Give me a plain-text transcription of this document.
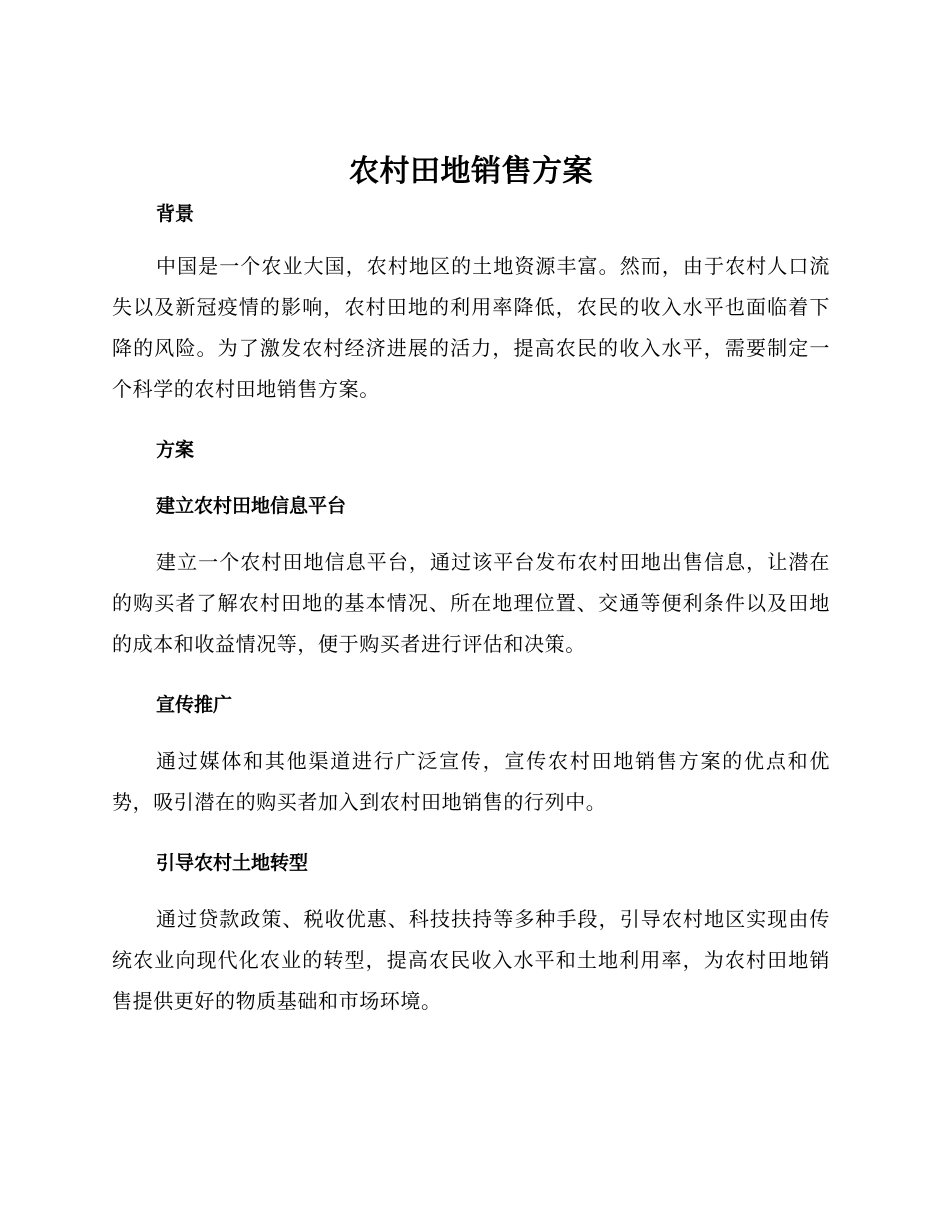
农村田地销售方案
背景

中国是一个农业大国，农村地区的土地资源丰富。然而，由于农村人口流失以及新冠疫情的影响，农村田地的利用率降低，农民的收入水平也面临着下降的风险。为了激发农村经济进展的活力，提高农民的收入水平，需要制定一个科学的农村田地销售方案。

方案
建立农村田地信息平台

建立一个农村田地信息平台，通过该平台发布农村田地出售信息，让潜在的购买者了解农村田地的基本情况、所在地理位置、交通等便利条件以及田地的成本和收益情况等，便于购买者进行评估和决策。

宣传推广

通过媒体和其他渠道进行广泛宣传，宣传农村田地销售方案的优点和优势，吸引潜在的购买者加入到农村田地销售的行列中。

引导农村土地转型

通过贷款政策、税收优惠、科技扶持等多种手段，引导农村地区实现由传统农业向现代化农业的转型，提高农民收入水平和土地利用率，为农村田地销售提供更好的物质基础和市场环境。
